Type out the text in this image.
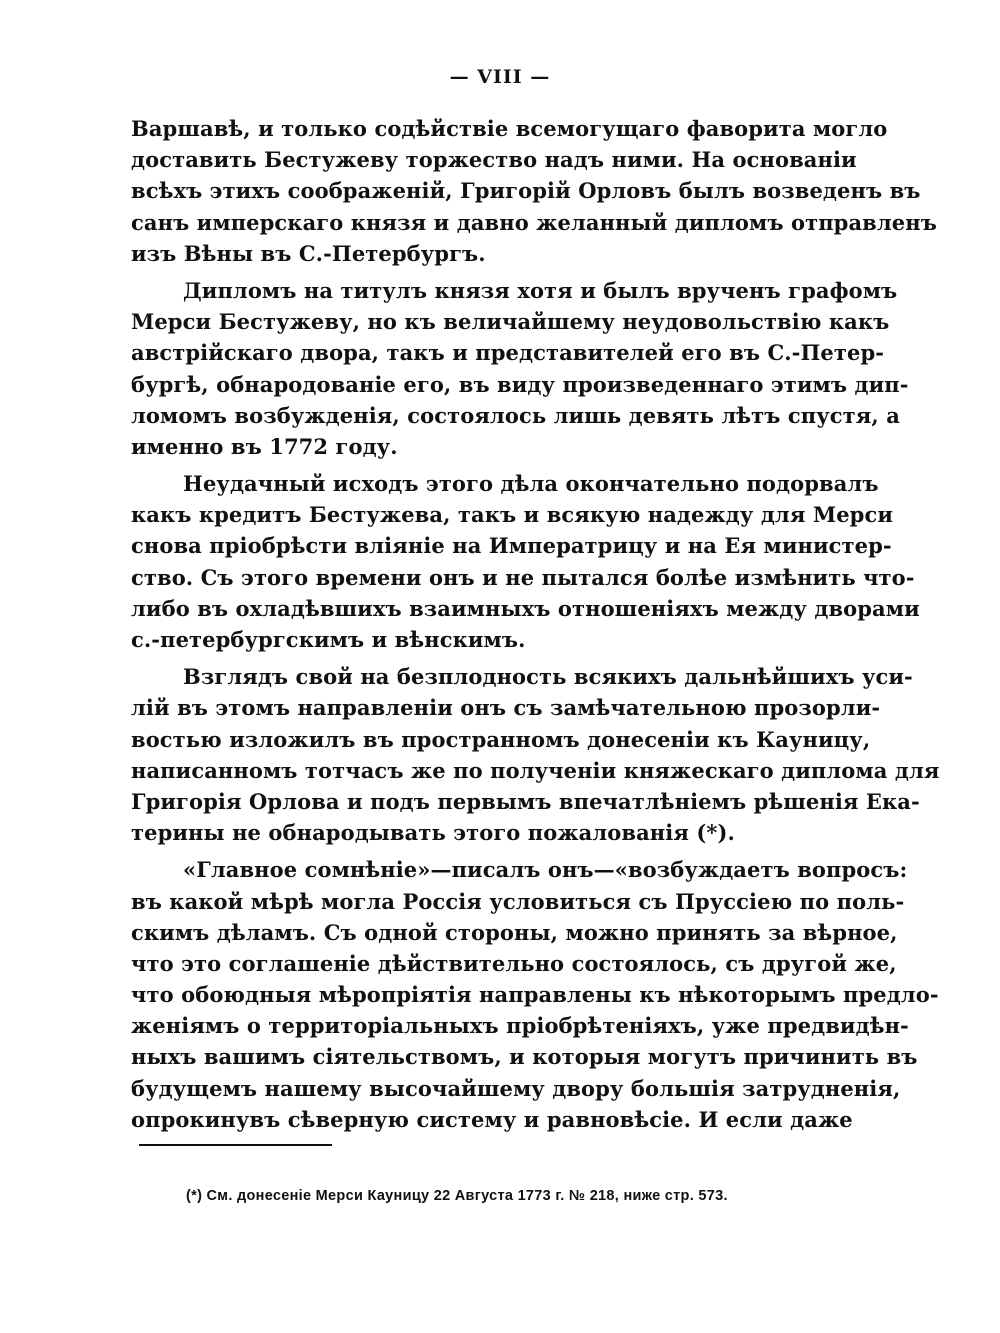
— VIII —
Варшавѣ, и только содѣйствіе всемогущаго фаворита могло
доставить Бестужеву торжество надъ ними. На основаніи
всѣхъ этихъ соображеній, Григорій Орловъ былъ возведенъ въ
санъ имперскаго князя и давно желанный дипломъ отправленъ
изъ Вѣны въ С.-Петербургъ.
Дипломъ на титулъ князя хотя и былъ врученъ графомъ
Мерси Бестужеву, но къ величайшему неудовольствію какъ
австрійскаго двора, такъ и представителей его въ С.-Петер-
бургѣ, обнародованіе его, въ виду произведеннаго этимъ дип-
ломомъ возбужденія, состоялось лишь девять лѣтъ спустя, а
именно въ 1772 году.
Неудачный исходъ этого дѣла окончательно подорвалъ
какъ кредитъ Бестужева, такъ и всякую надежду для Мерси
снова пріобрѣсти вліяніе на Императрицу и на Ея министер-
ство. Съ этого времени онъ и не пытался болѣе измѣнить что-
либо въ охладѣвшихъ взаимныхъ отношеніяхъ между дворами
с.-петербургскимъ и вѣнскимъ.
Взглядъ свой на безплодность всякихъ дальнѣйшихъ уси-
лій въ этомъ направленіи онъ съ замѣчательною прозорли-
востью изложилъ въ пространномъ донесеніи къ Кауницу,
написанномъ тотчасъ же по полученіи княжескаго диплома для
Григорія Орлова и подъ первымъ впечатлѣніемъ рѣшенія Ека-
терины не обнародывать этого пожалованія (*).
«Главное сомнѣніе»—писалъ онъ—«возбуждаетъ вопросъ:
въ какой мѣрѣ могла Россія условиться съ Пруссіею по поль-
скимъ дѣламъ. Съ одной стороны, можно принять за вѣрное,
что это соглашеніе дѣйствительно состоялось, съ другой же,
что обоюдныя мѣропріятія направлены къ нѣкоторымъ предло-
женіямъ о территоріальныхъ пріобрѣтеніяхъ, уже предвидѣн-
ныхъ вашимъ сіятельствомъ, и которыя могутъ причинить въ
будущемъ нашему высочайшему двору большія затрудненія,
опрокинувъ сѣверную систему и равновѣсіе. И если даже
(*) См. донесеніе Мерси Кауницу 22 Августа 1773 г. № 218, ниже стр. 573.
